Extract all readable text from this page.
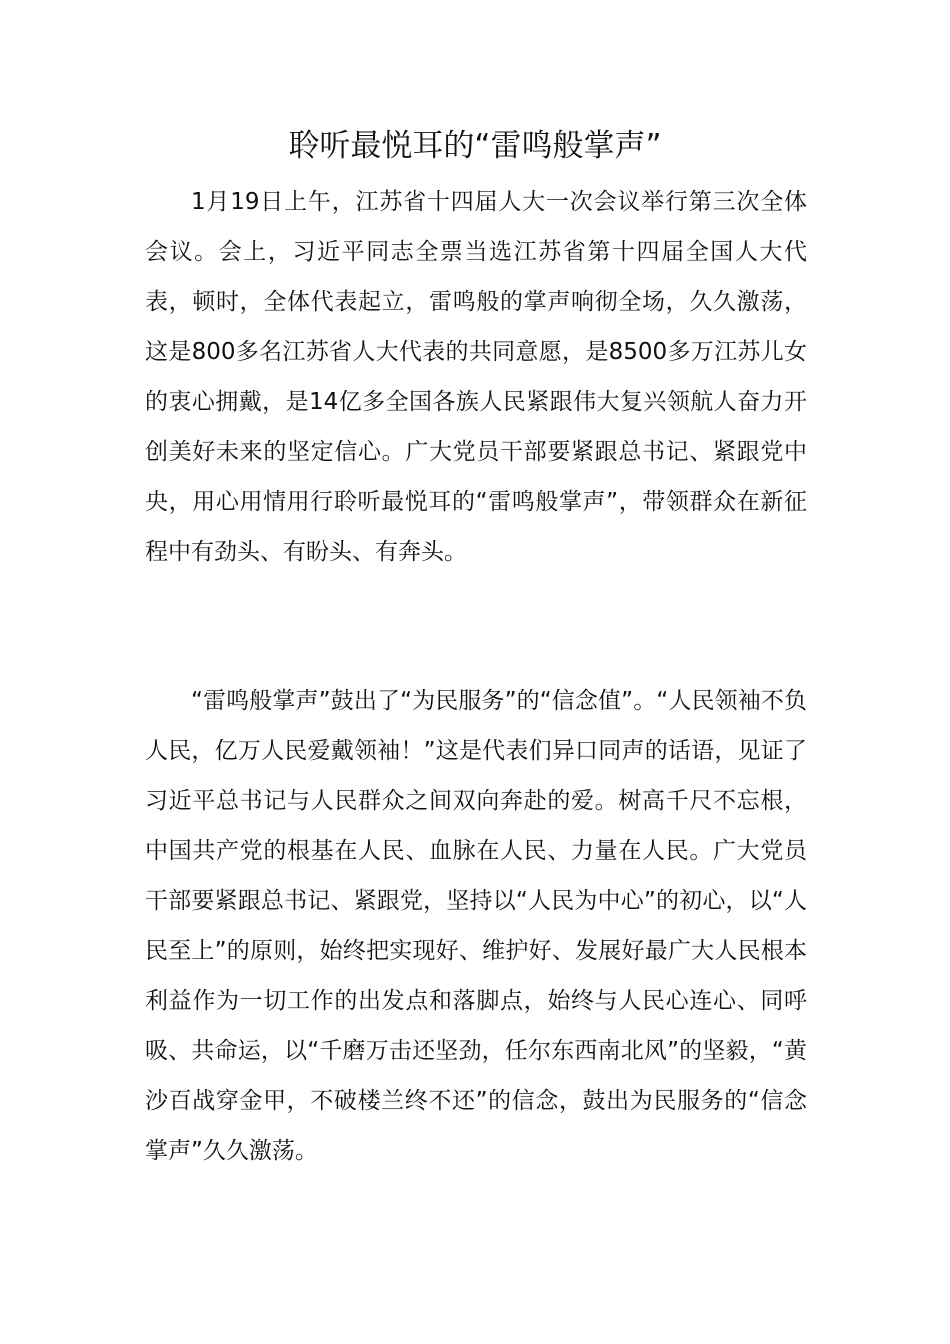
聆听最悦耳的“雷鸣般掌声”

1月19日上午，江苏省十四届人大一次会议举行第三次全体会议。会上，习近平同志全票当选江苏省第十四届全国人大代表，顿时，全体代表起立，雷鸣般的掌声响彻全场，久久激荡，这是800多名江苏省人大代表的共同意愿，是8500多万江苏儿女的衷心拥戴，是14亿多全国各族人民紧跟伟大复兴领航人奋力开创美好未来的坚定信心。广大党员干部要紧跟总书记、紧跟党中央，用心用情用行聆听最悦耳的“雷鸣般掌声”，带领群众在新征程中有劲头、有盼头、有奔头。

“雷鸣般掌声”鼓出了“为民服务”的“信念值”。“人民领袖不负人民，亿万人民爱戴领袖！”这是代表们异口同声的话语，见证了习近平总书记与人民群众之间双向奔赴的爱。树高千尺不忘根，中国共产党的根基在人民、血脉在人民、力量在人民。广大党员干部要紧跟总书记、紧跟党，坚持以“人民为中心”的初心，以“人民至上”的原则，始终把实现好、维护好、发展好最广大人民根本利益作为一切工作的出发点和落脚点，始终与人民心连心、同呼吸、共命运，以“千磨万击还坚劲，任尔东西南北风”的坚毅，“黄沙百战穿金甲，不破楼兰终不还”的信念，鼓出为民服务的“信念掌声”久久激荡。
